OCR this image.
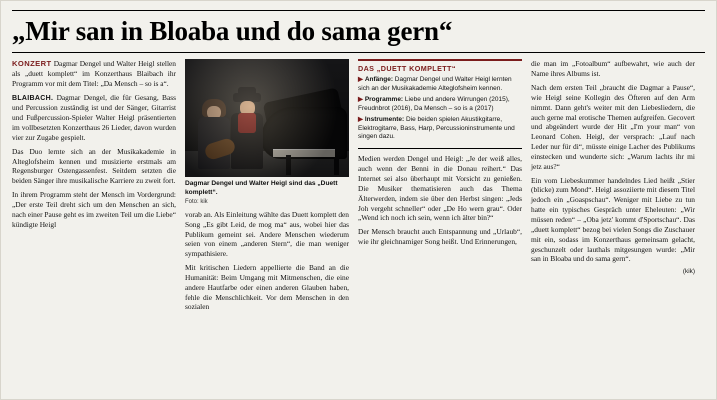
„Mir san in Bloaba und do sama gern“

KONZERT Dagmar Dengel und Walter Heigl stellen als „duett komplett“ im Konzerthaus Blaibach ihr Programm vor mit dem Titel: „Da Mensch – so is a“.

BLAIBACH. Dagmar Dengel, die für Gesang, Bass und Percussion zuständig ist und der Sänger, Gitarrist und Fußpercussion-Spieler Walter Heigl präsentierten im vollbesetzten Konzerthaus 26 Lieder, davon wurden vier zur Zugabe gespielt.

Das Duo lernte sich an der Musikakademie in Alteglofsheim kennen und musizierte erstmals am Regensburger Ostengassenfest. Seitdem setzten die beiden Sänger ihre musikalische Karriere zu zweit fort.

In ihrem Programm steht der Mensch im Vordergrund: „Der erste Teil dreht sich um den Menschen an sich, nach einer Pause geht es im zweiten Teil um die Liebe“ kündigte Heigl

Dagmar Dengel und Walter Heigl sind das „Duett komplett“.
Foto: kik

vorab an. Als Einleitung wählte das Duett komplett den Song „Es gibt Leid, de mog ma“ aus, wobei hier das Publikum gemeint sei. Andere Menschen wiederum seien von einem „anderen Stern“, die man weniger sympathisiere.

Mit kritischen Liedern appellierte die Band an die Humanität: Beim Umgang mit Mitmenschen, die eine andere Hautfarbe oder einen anderen Glauben haben, fehle die Menschlichkeit. Vor dem Menschen in den sozialen

DAS „DUETT KOMPLETT“

▶ Anfänge: Dagmar Dengel und Walter Heigl lernten sich an der Musikakademie Alteglofsheim kennen.

▶ Programme: Liebe und andere Wirrungen (2015), Freudnbrot (2016), Da Mensch – so is a (2017)

▶ Instrumente: Die beiden spielen Akustikgitarre, Elektrogitarre, Bass, Harp, Percussioninstrumente und singen dazu.

Medien werden Dengel und Heigl: „Je der weiß alles, auch wenn der Benni in die Donau reihert.“ Das Internet sei also überhaupt mit Vorsicht zu genießen. Die Musiker thematisieren auch das Thema Älterwerden, indem sie über den Herbst singen: „Jeds Joh vergeht schneller“ oder „De Ho wern grau“. Oder „Wend ich noch ich sein, wenn ich älter bin?“

Der Mensch braucht auch Entspannung und „Urlaub“, wie ihr gleichnamiger Song heißt. Und Erinnerungen,

die man im „Fotoalbum“ aufbewahrt, wie auch der Name ihres Albums ist.

Nach dem ersten Teil „braucht die Dagmar a Pause“, wie Heigl seine Kollegin des Öfteren auf den Arm nimmt. Dann geht's weiter mit den Liebesliedern, die auch gerne mal erotische Themen aufgreifen. Gecovert und abgeändert wurde der Hit „I'm your man“ von Leonard Cohen. Heigl, der versprach: „Lauf nach Leder nur für di“, müsste einige Lacher des Publikums einstecken und wunderte sich: „Warum lachts ihr mi jetz aus?“

Ein vom Liebeskummer handelndes Lied heißt „Stier (blicke) zum Mond“. Heigl assoziierte mit diesem Titel jedoch ein „Goaspschau“. Weniger mit Liebe zu tun hatte ein typisches Gespräch unter Eheleuten: „Wir müssen reden“ – „Oba jetz' kommt d'Sportschau“. Das „duett komplett“ bezog bei vielen Songs die Zuschauer mit ein, sodass im Konzerthaus gemeinsam gelacht, geschunzelt oder lauthals mitgesungen wurde: „Mir san in Bloaba und do sama gern“.

(kik)
